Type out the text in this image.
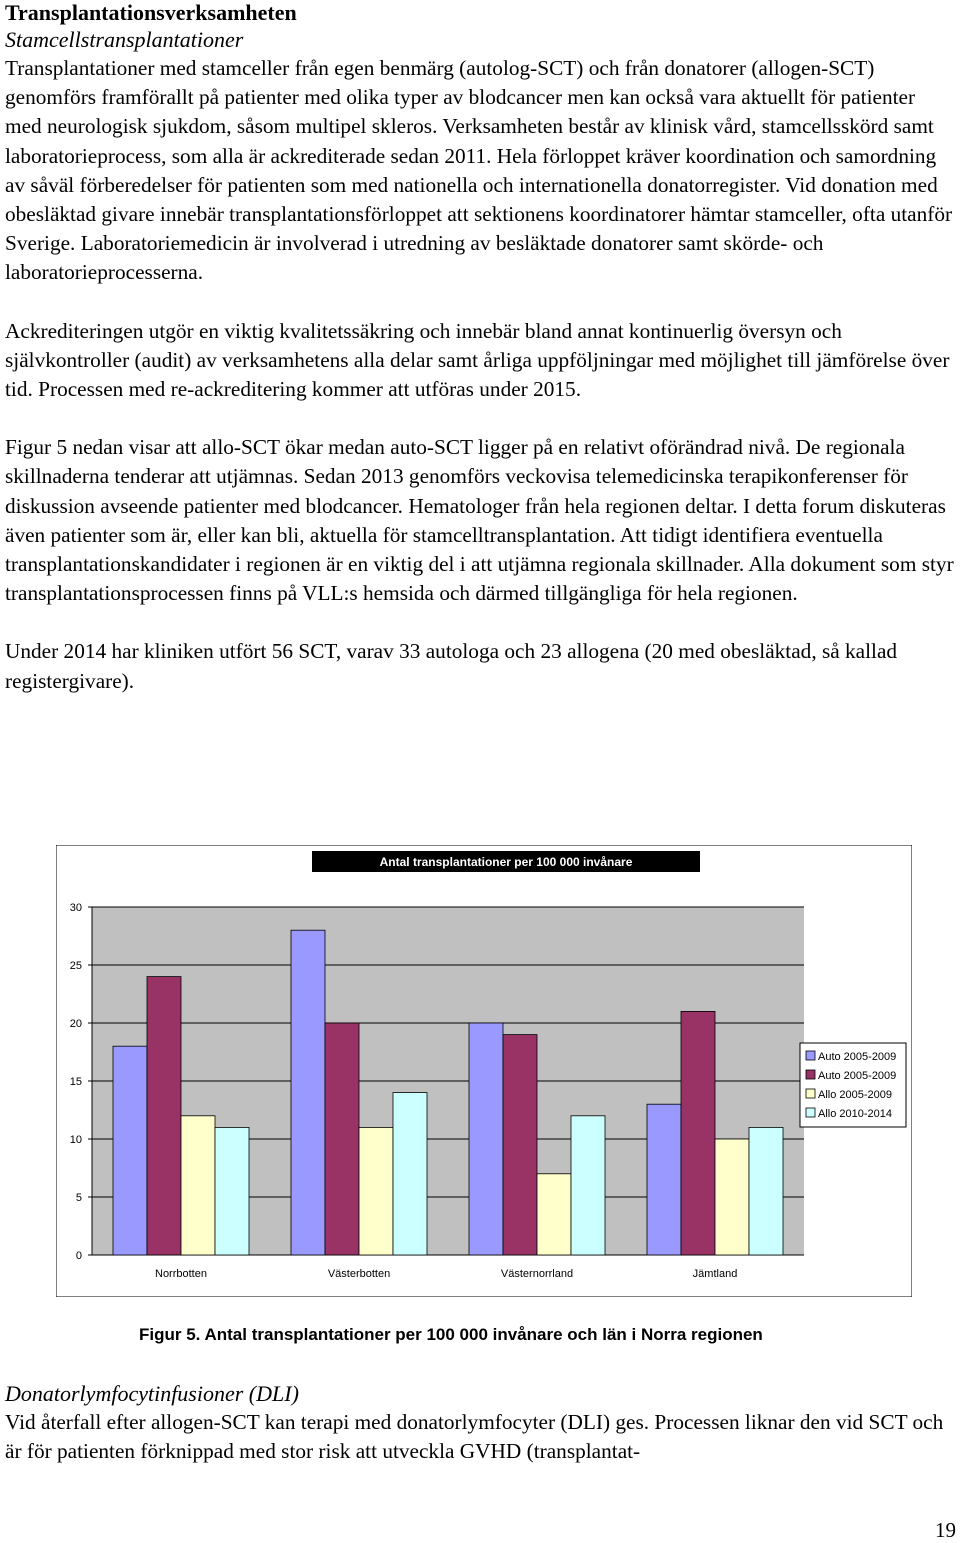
Transplantationsverksamheten
Stamcellstransplantationer

Transplantationer med stamceller från egen benmärg (autolog-SCT) och från donatorer (allogen-SCT) genomförs framförallt på patienter med olika typer av blodcancer men kan också vara aktuellt för patienter med neurologisk sjukdom, såsom multipel skleros. Verksamheten består av klinisk vård, stamcellsskörd samt laboratorieprocess, som alla är ackrediterade sedan 2011. Hela förloppet kräver koordination och samordning av såväl förberedelser för patienten som med nationella och internationella donatorregister. Vid donation med obesläktad givare innebär transplantationsförloppet att sektionens koordinatorer hämtar stamceller, ofta utanför Sverige. Laboratoriemedicin är involverad i utredning av besläktade donatorer samt skörde- och laboratorieprocesserna.

Ackrediteringen utgör en viktig kvalitetssäkring och innebär bland annat kontinuerlig översyn och självkontroller (audit) av verksamhetens alla delar samt årliga uppföljningar med möjlighet till jämförelse över tid. Processen med re-ackreditering kommer att utföras under 2015.

Figur 5 nedan visar att allo-SCT ökar medan auto-SCT ligger på en relativt oförändrad nivå. De regionala skillnaderna tenderar att utjämnas. Sedan 2013 genomförs veckovisa telemedicinska terapikonferenser för diskussion avseende patienter med blodcancer. Hematologer från hela regionen deltar. I detta forum diskuteras även patienter som är, eller kan bli, aktuella för stamcelltransplantation. Att tidigt identifiera eventuella transplantationskandidater i regionen är en viktig del i att utjämna regionala skillnader. Alla dokument som styr transplantationsprocessen finns på VLL:s hemsida och därmed tillgängliga för hela regionen.

Under 2014 har kliniken utfört 56 SCT, varav 33 autologa och 23 allogena (20 med obesläktad, så kallad registergivare).

Antal transplantationer per 100 000 invånare
0
5
10
15
20
25
30
Norrbotten	Västerbotten	Västernorrland	Jämtland
Auto 2005-2009
Auto 2005-2009
Allo 2005-2009
Allo 2010-2014
Figur 5. Antal transplantationer per 100 000 invånare och län i Norra regionen
Donatorlymfocytinfusioner (DLI)

Vid återfall efter allogen-SCT kan terapi med donatorlymfocyter (DLI) ges. Processen liknar den vid SCT och är för patienten förknippad med stor risk att utveckla GVHD (transplantat-

19
